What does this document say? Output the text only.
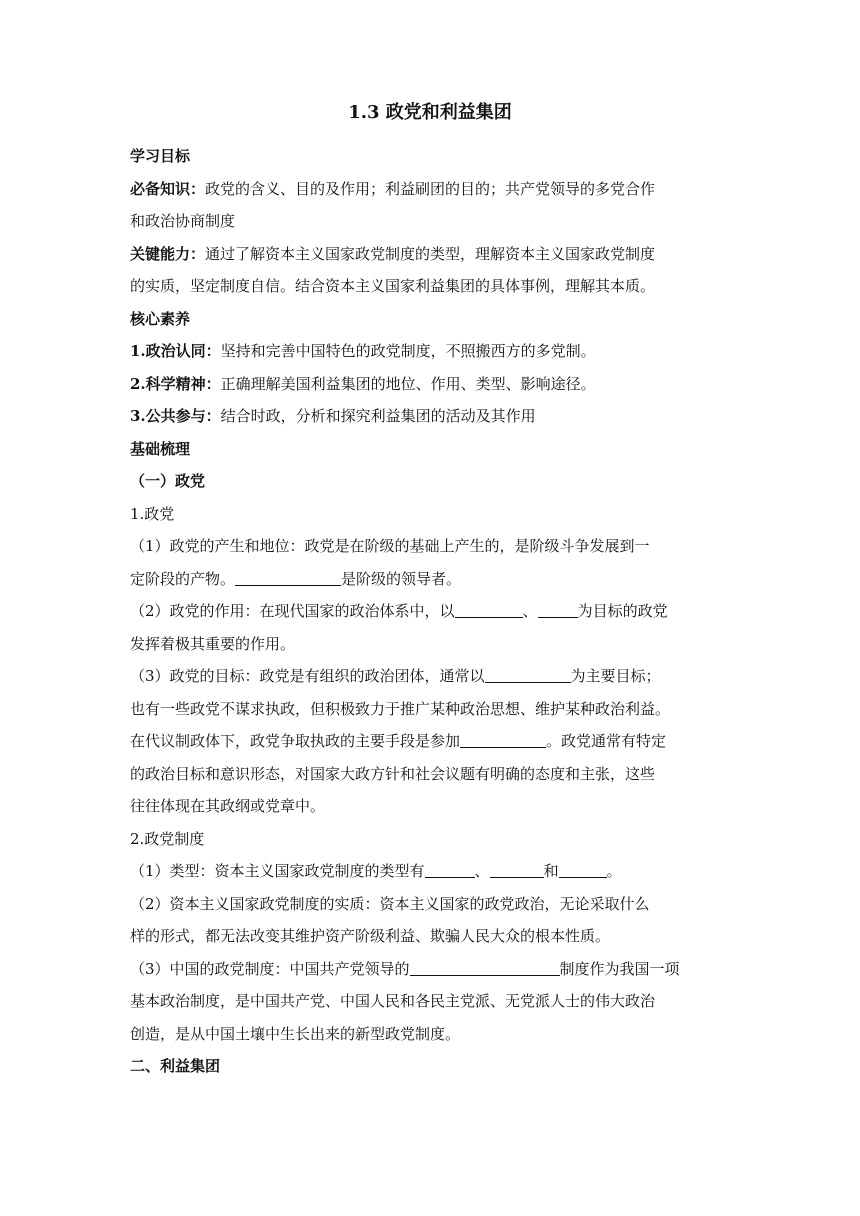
1.3 政党和利益集团
学习目标
必备知识：政党的含义、目的及作用；利益刷团的目的；共产党领导的多党合作
和政治协商制度
关键能力：通过了解资本主义国家政党制度的类型，理解资本主义国家政党制度
的实质，坚定制度自信。结合资本主义国家利益集团的具体事例，理解其本质。
核心素养
1.政治认同：坚持和完善中国特色的政党制度，不照搬西方的多党制。
2.科学精神：正确理解美国利益集团的地位、作用、类型、影响途径。
3.公共参与：结合时政，分析和探究利益集团的活动及其作用
基础梳理
（一）政党
1.政党
（1）政党的产生和地位：政党是在阶级的基础上产生的，是阶级斗争发展到一
定阶段的产物。	是阶级的领导者。
（2）政党的作用：在现代国家的政治体系中，以	、	为目标的政党
发挥着极其重要的作用。
（3）政党的目标：政党是有组织的政治团体，通常以	为主要目标；
也有一些政党不谋求执政，但积极致力于推广某种政治思想、维护某种政治利益。
在代议制政体下，政党争取执政的主要手段是参加	。政党通常有特定
的政治目标和意识形态，对国家大政方针和社会议题有明确的态度和主张，这些
往往体现在其政纲或党章中。
2.政党制度
（1）类型：资本主义国家政党制度的类型有	、	和	。
（2）资本主义国家政党制度的实质：资本主义国家的政党政治，无论采取什么
样的形式，都无法改变其维护资产阶级利益、欺骗人民大众的根本性质。
（3）中国的政党制度：中国共产党领导的	制度作为我国一项
基本政治制度，是中国共产党、中国人民和各民主党派、无党派人士的伟大政治
创造，是从中国土壤中生长出来的新型政党制度。
二、利益集团
